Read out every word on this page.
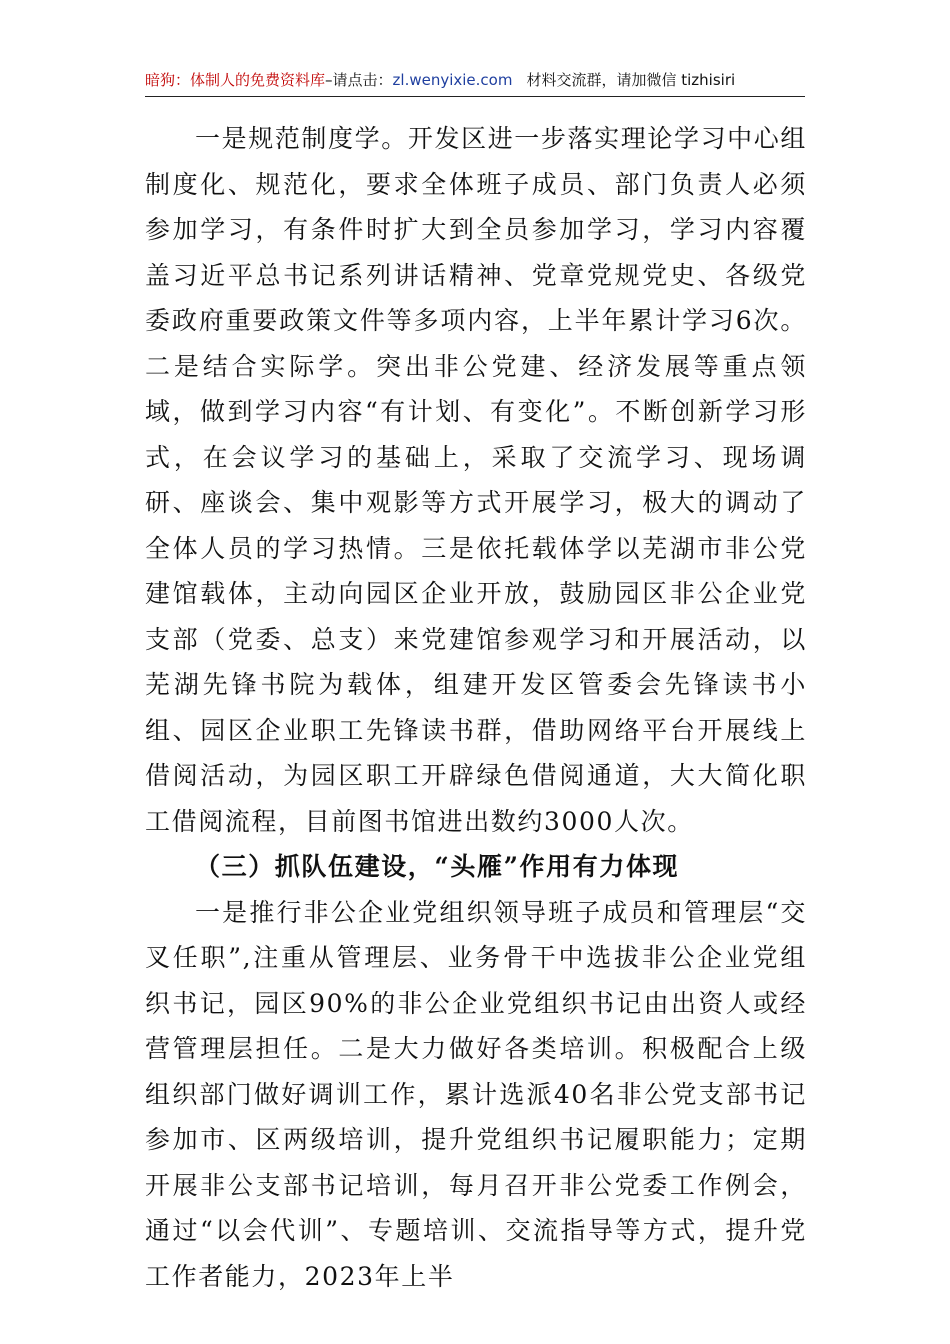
暗狗：体制人的免费资料库–请点击：zl.wenyixie.com 材料交流群，请加微信 tizhisiri

一是规范制度学。开发区进一步落实理论学习中心组制度化、规范化，要求全体班子成员、部门负责人必须参加学习，有条件时扩大到全员参加学习，学习内容覆盖习近平总书记系列讲话精神、党章党规党史、各级党委政府重要政策文件等多项内容，上半年累计学习6次。二是结合实际学。突出非公党建、经济发展等重点领域，做到学习内容“有计划、有变化”。不断创新学习形式，在会议学习的基础上，采取了交流学习、现场调研、座谈会、集中观影等方式开展学习，极大的调动了全体人员的学习热情。三是依托载体学以芜湖市非公党建馆载体，主动向园区企业开放，鼓励园区非公企业党支部（党委、总支）来党建馆参观学习和开展活动，以芜湖先锋书院为载体，组建开发区管委会先锋读书小组、园区企业职工先锋读书群，借助网络平台开展线上借阅活动，为园区职工开辟绿色借阅通道，大大简化职工借阅流程，目前图书馆进出数约3000人次。

（三）抓队伍建设，“头雁”作用有力体现

一是推行非公企业党组织领导班子成员和管理层“交叉任职”,注重从管理层、业务骨干中选拔非公企业党组织书记，园区90%的非公企业党组织书记由出资人或经营管理层担任。二是大力做好各类培训。积极配合上级组织部门做好调训工作，累计选派40名非公党支部书记参加市、区两级培训，提升党组织书记履职能力；定期开展非公支部书记培训，每月召开非公党委工作例会，通过“以会代训”、专题培训、交流指导等方式，提升党工作者能力，2023年上半
